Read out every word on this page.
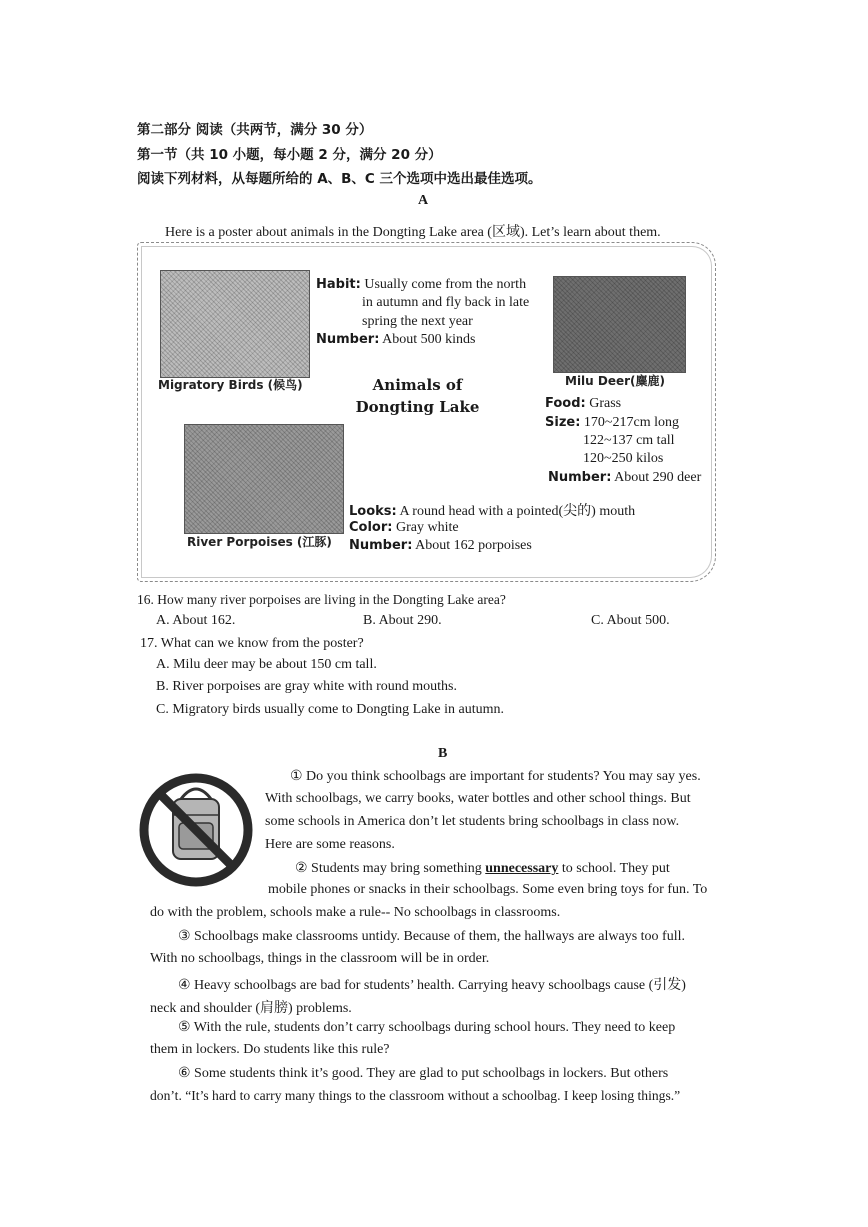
第二部分 阅读（共两节，满分 30 分）
第一节（共 10 小题，每小题 2 分，满分 20 分）
阅读下列材料，从每题所给的 A、B、C 三个选项中选出最佳选项。
A
Here is a poster about animals in the Dongting Lake area (区域). Let’s learn about them.
Migratory Birds (候鸟)
Habit: Usually come from the north
in autumn and fly back in late
spring the next year
Number: About 500 kinds
Milu Deer(麋鹿)
Animals of
Dongting Lake	Food: Grass
Size: 170~217cm long
122~137 cm tall
120~250 kilos
Number: About 290 deer
River Porpoises (江豚)
Looks: A round head with a pointed(尖的) mouth
Color: Gray white
Number: About 162 porpoises
16. How many river porpoises are living in the Dongting Lake area?
A. About 162.	B. About 290.	C. About 500.
17. What can we know from the poster?
A. Milu deer may be about 150 cm tall.
B. River porpoises are gray white with round mouths.
C. Migratory birds usually come to Dongting Lake in autumn.
B
① Do you think schoolbags are important for students? You may say yes.
With schoolbags, we carry books, water bottles and other school things. But
some schools in America don’t let students bring schoolbags in class now.
Here are some reasons.
② Students may bring something unnecessary to school. They put
mobile phones or snacks in their schoolbags. Some even bring toys for fun. To
do with the problem, schools make a rule-- No schoolbags in classrooms.
③ Schoolbags make classrooms untidy. Because of them, the hallways are always too full.
With no schoolbags, things in the classroom will be in order.
④ Heavy schoolbags are bad for students’ health. Carrying heavy schoolbags cause (引发)
neck and shoulder (肩膀) problems.
⑤ With the rule, students don’t carry schoolbags during school hours. They need to keep
them in lockers. Do students like this rule?
⑥ Some students think it’s good. They are glad to put schoolbags in lockers. But others
don’t. “It’s hard to carry many things to the classroom without a schoolbag. I keep losing things.”
